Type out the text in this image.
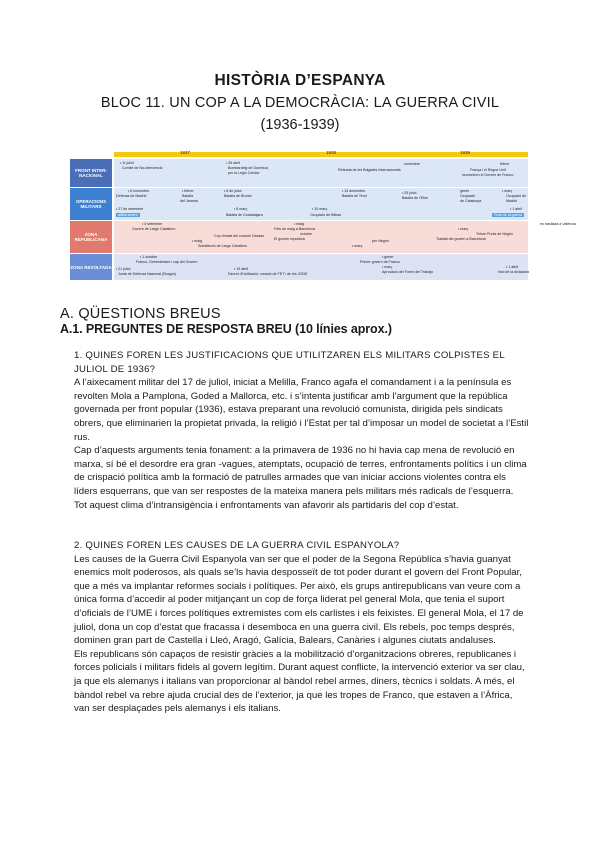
HISTÒRIA D’ESPANYA
BLOC 11. UN COP A LA DEMOCRÀCIA: LA GUERRA CIVIL
(1936-1939)
1937	1938	1939
FRONT INTER-NACIONAL
• 1r juliol
Comitè de No-intervenció
• 26 abril
Bombardeig de Guernica
per la Legió Còndor
novembre
Retirada de les Brigades Internacionals
febrer
França i el Regne Unit
reconeixen el Govern de Franco
OPERACIONS MILITARS
• 6 novembre
Defensa de Madrid
• febrer
Batalla
del Jarama
• 6 de juliol
Batalla de Brunet
• 15 desembre
Batalla de Terol
• 25 juliol
Batalla de l’Ebre
gener
Ocupació
de Catalunya
• març
Ocupació de
Madrid
• 27 de setembre
alliberament
• 8 març
Batalla de Guadalajara
• 10 març
Ocupació de Bilbao
• 1 abril
Final de la guerra
ZONA REPUBLICANA
• 4 setembre
Govern de Largo Caballero
• maig
Fets de maig a Barcelona
octubre
El govern republicà
es trasllada a València
• març
Cop d’estat del coronel Casado
• maig
Substitució de Largo Caballero
per Negrín
• març
Tretze Punts de Negrín
Trasllat del govern a Barcelona
ZONA REVOLTADA
• 1 octubre
Franco, Generalíssim i cap del Govern
• 21 juliol
Junta de Defensa Nacional (Burgos)
• 19 abril
Decret d’Unificació: creació de FET i de les JONS
• gener
Primer govern de Franco
• març
Aprovació del Fuero del Trabajo
• 1 abril
Inici de la dictadura
A. QÜESTIONS BREUS
A.1. PREGUNTES DE RESPOSTA BREU (10 línies aprox.)

1. QUINES FOREN LES JUSTIFICACIONS QUE UTILITZAREN ELS MILITARS COLPISTES EL JULIOL DE 1936?

A l’aixecament militar del 17 de juliol, iniciat a Melilla, Franco agafa el comandament i a la península es revolten Mola a Pamplona, Goded a Mallorca, etc. i s’intenta justificar amb l’argument que la república governada per front popular (1936), estava preparant una revolució comunista, dirigida pels sindicats obrers, que eliminarien la propietat privada, la religió i l’Estat per tal d’imposar un model de societat a l’Estil rus.

Cap d’aquests arguments tenia fonament: a la primavera de 1936 no hi havia cap mena de revolució en marxa, sí bé el desordre era gran -vagues, atemptats, ocupació de terres, enfrontaments polítics i un clima de crispació política amb la formació de patrulles armades que van iniciar accions violentes contra els líders esquerrans, que van ser respostes de la mateixa manera pels militars més radicals de l’esquerra.

Tot aquest clima d’intransigència i enfrontaments van afavorir als partidaris del cop d’estat.

2. QUINES FOREN LES CAUSES DE LA GUERRA CIVIL ESPANYOLA?

Les causes de la Guerra Civil Espanyola van ser que el poder de la Segona República s’havia guanyat enemics molt poderosos, als quals se’ls havia desposseït de tot poder durant el govern del Front Popular, que a més va implantar reformes socials i polítiques. Per això, els grups antirepublicans van veure com a única forma d’accedir al poder mitjançant un cop de força liderat pel general Mola, que tenia el suport d’oficials de l’UME i forces polítiques extremistes com els carlistes i els feixistes. El general Mola, el 17 de juliol, dona un cop d’estat que fracassa i desemboca en una guerra civil. Els rebels, poc temps després, dominen gran part de Castella i Lleó, Aragó, Galícia, Balears, Canàries i algunes ciutats andaluses.

Els republicans són capaços de resistir gràcies a la mobilització d’organitzacions obreres, republicanes i forces policials i militars fidels al govern legítim. Durant aquest conflicte, la intervenció exterior va ser clau, ja que els alemanys i italians van proporcionar al bàndol rebel armes, diners, tècnics i soldats. A més, el bàndol rebel va rebre ajuda crucial des de l’exterior, ja que les tropes de Franco, que estaven a l’Àfrica, van ser desplaçades pels alemanys i els italians.
